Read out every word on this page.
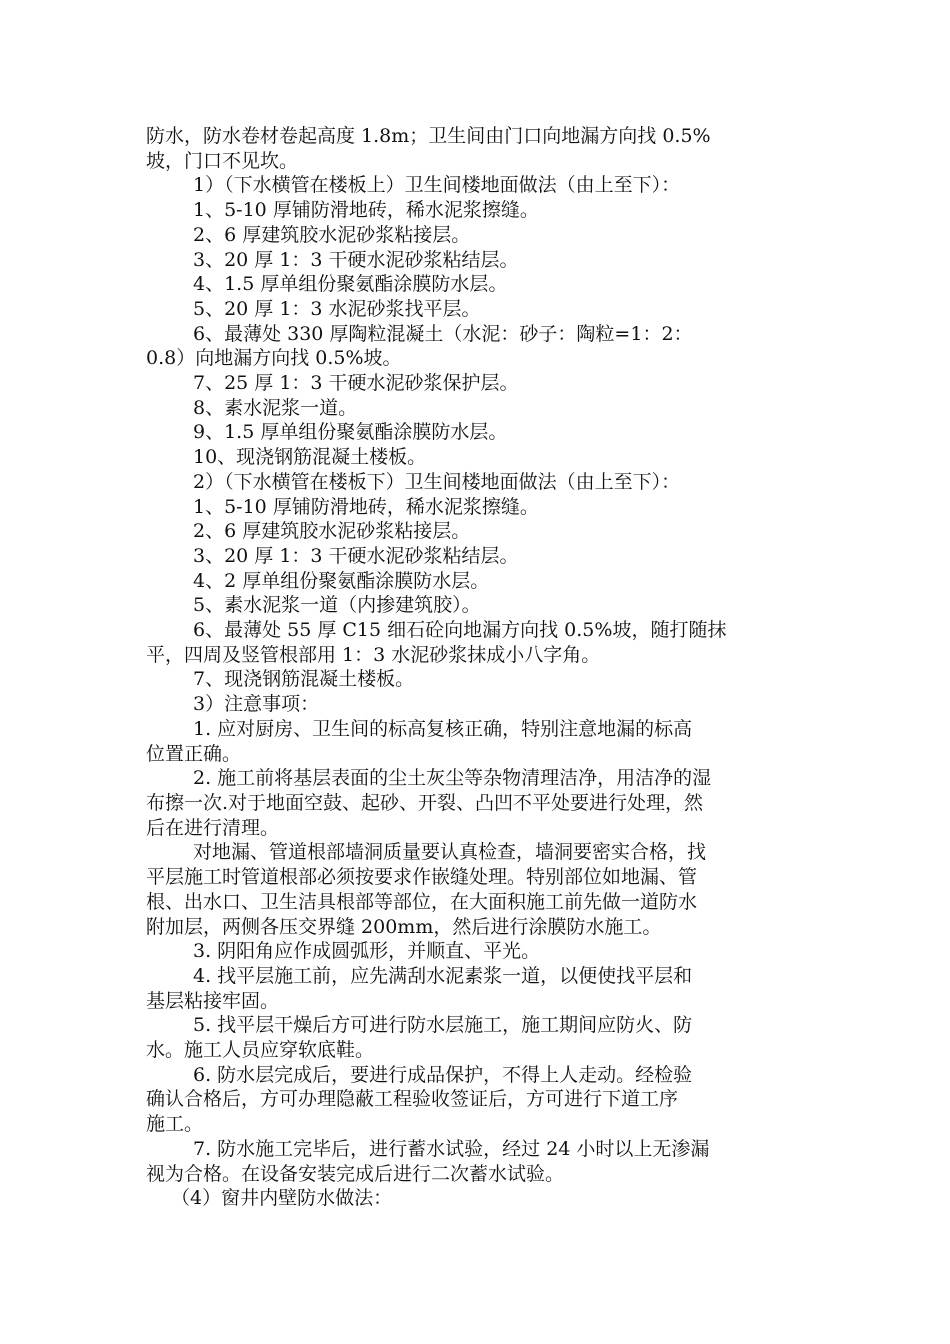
防水，防水卷材卷起高度 1.8m；卫生间由门口向地漏方向找 0.5%

坡，门口不见坎。

1）（下水横管在楼板上）卫生间楼地面做法（由上至下）：

1、5-10 厚铺防滑地砖，稀水泥浆擦缝。

2、6 厚建筑胶水泥砂浆粘接层。

3、20 厚 1：3 干硬水泥砂浆粘结层。

4、1.5 厚单组份聚氨酯涂膜防水层。

5、20 厚 1：3 水泥砂浆找平层。

6、最薄处 330 厚陶粒混凝土（水泥：砂子：陶粒=1：2：

0.8）向地漏方向找 0.5%坡。

7、25 厚 1：3 干硬水泥砂浆保护层。

8、素水泥浆一道。

9、1.5 厚单组份聚氨酯涂膜防水层。

10、现浇钢筋混凝土楼板。

2）（下水横管在楼板下）卫生间楼地面做法（由上至下）：

1、5-10 厚铺防滑地砖，稀水泥浆擦缝。

2、6 厚建筑胶水泥砂浆粘接层。

3、20 厚 1：3 干硬水泥砂浆粘结层。

4、2 厚单组份聚氨酯涂膜防水层。

5、素水泥浆一道（内掺建筑胶）。

6、最薄处 55 厚 C15 细石砼向地漏方向找 0.5%坡，随打随抹

平，四周及竖管根部用 1：3 水泥砂浆抹成小八字角。

7、现浇钢筋混凝土楼板。

3）注意事项：

1. 应对厨房、卫生间的标高复核正确，特别注意地漏的标高

位置正确。

2. 施工前将基层表面的尘土灰尘等杂物清理洁净，用洁净的湿

布擦一次.对于地面空鼓、起砂、开裂、凸凹不平处要进行处理，然

后在进行清理。

对地漏、管道根部墙洞质量要认真检查，墙洞要密实合格，找

平层施工时管道根部必须按要求作嵌缝处理。特别部位如地漏、管

根、出水口、卫生洁具根部等部位，在大面积施工前先做一道防水

附加层，两侧各压交界缝 200mm，然后进行涂膜防水施工。

3. 阴阳角应作成圆弧形，并顺直、平光。

4. 找平层施工前，应先满刮水泥素浆一道，以便使找平层和

基层粘接牢固。

5. 找平层干燥后方可进行防水层施工，施工期间应防火、防

水。施工人员应穿软底鞋。

6. 防水层完成后，要进行成品保护，不得上人走动。经检验

确认合格后，方可办理隐蔽工程验收签证后，方可进行下道工序

施工。

7. 防水施工完毕后，进行蓄水试验，经过 24 小时以上无渗漏

视为合格。在设备安装完成后进行二次蓄水试验。

（4）窗井内壁防水做法：
